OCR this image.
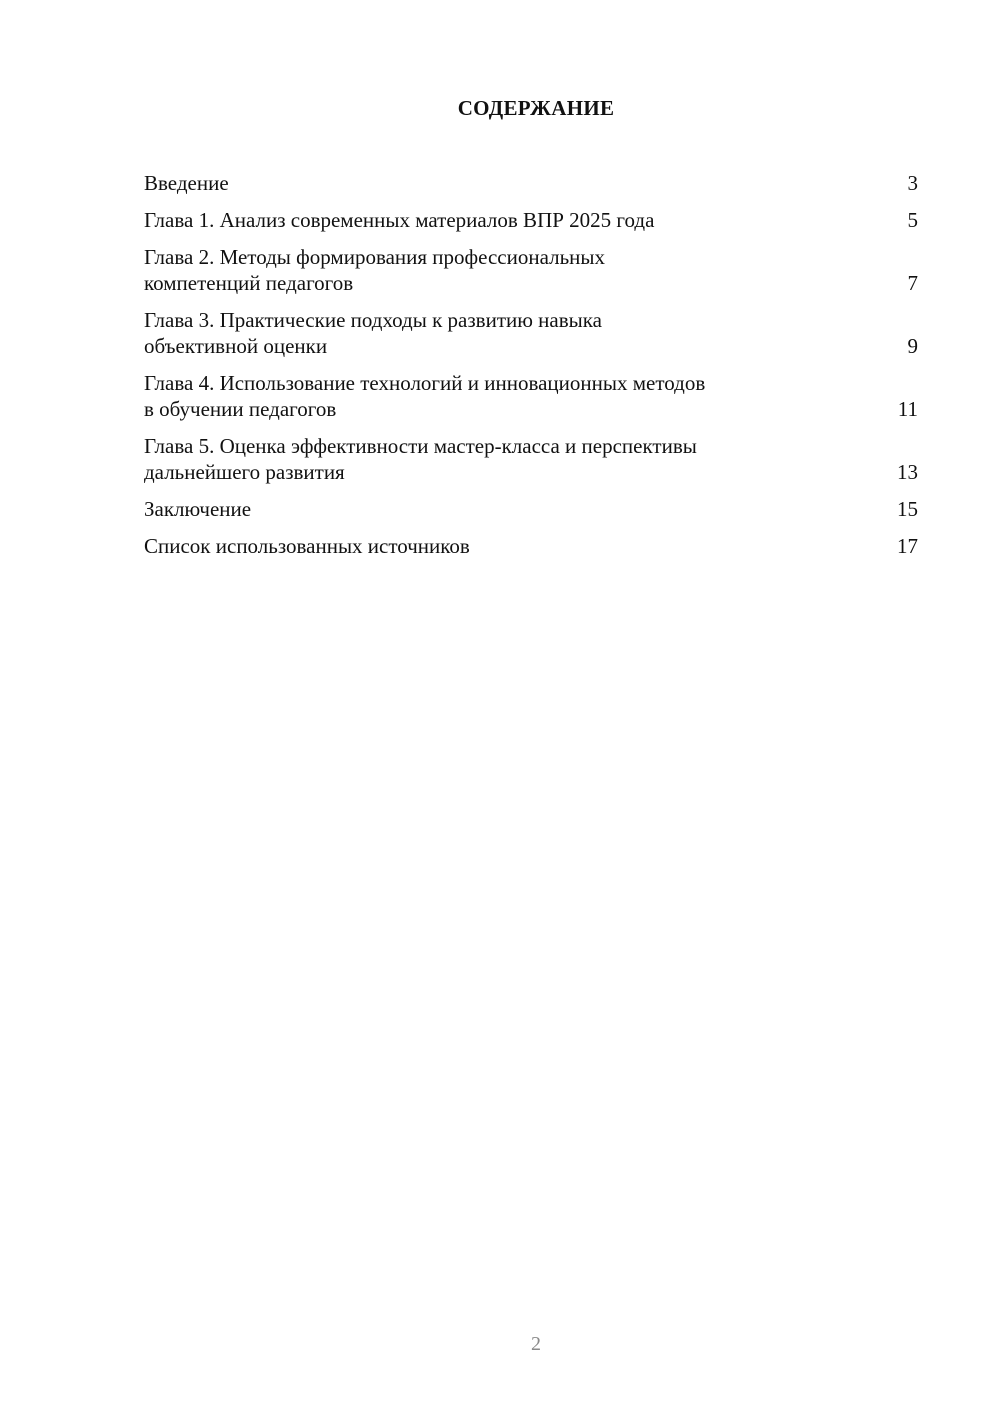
СОДЕРЖАНИЕ
Введение	3
Глава 1. Анализ современных материалов ВПР 2025 года	5
Глава 2. Методы формирования профессиональных
компетенций педагогов	7
Глава 3. Практические подходы к развитию навыка
объективной оценки	9
Глава 4. Использование технологий и инновационных методов
в обучении педагогов	11
Глава 5. Оценка эффективности мастер-класса и перспективы
дальнейшего развития	13
Заключение	15
Список использованных источников	17
2
